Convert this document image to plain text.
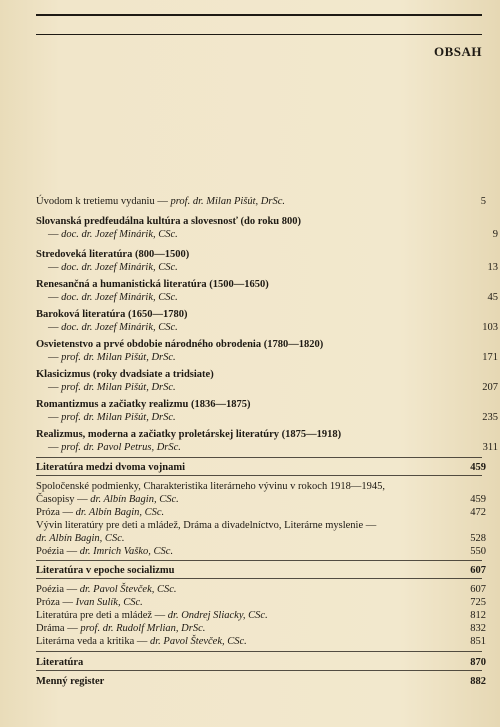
OBSAH
Úvodom k tretiemu vydaniu — prof. dr. Milan Pišút, DrSc.	5
Slovanská predfeudálna kultúra a slovesnosť (do roku 800)
— doc. dr. Jozef Minárik, CSc.	9
Stredoveká literatúra (800—1500)
— doc. dr. Jozef Minárik, CSc.	13
Renesančná a humanistická literatúra (1500—1650)
— doc. dr. Jozef Minárik, CSc.	45
Baroková literatúra (1650—1780)
— doc. dr. Jozef Minárik, CSc.	103
Osvietenstvo a prvé obdobie národného obrodenia (1780—1820)
— prof. dr. Milan Pišút, DrSc.	171
Klasicizmus (roky dvadsiate a tridsiate)
— prof. dr. Milan Pišút, DrSc.	207
Romantizmus a začiatky realizmu (1836—1875)
— prof. dr. Milan Pišút, DrSc.	235
Realizmus, moderna a začiatky proletárskej literatúry (1875—1918)
— prof. dr. Pavol Petrus, DrSc.	311
Literatúra medzi dvoma vojnami	459
Spoločenské podmienky, Charakteristika literárneho vývinu v rokoch 1918—1945,
Časopisy — dr. Albín Bagin, CSc.	459
Próza — dr. Albín Bagin, CSc.	472
Vývin literatúry pre deti a mládež, Dráma a divadelníctvo, Literárne myslenie —
dr. Albín Bagin, CSc.	528
Poézia — dr. Imrich Vaško, CSc.	550
Literatúra v epoche socializmu	607
Poézia — dr. Pavol Števček, CSc.	607
Próza — Ivan Sulík, CSc.	725
Literatúra pre deti a mládež — dr. Ondrej Sliacky, CSc.	812
Dráma — prof. dr. Rudolf Mrlian, DrSc.	832
Literárna veda a kritika — dr. Pavol Števček, CSc.	851
Literatúra	870
Menný register	882
